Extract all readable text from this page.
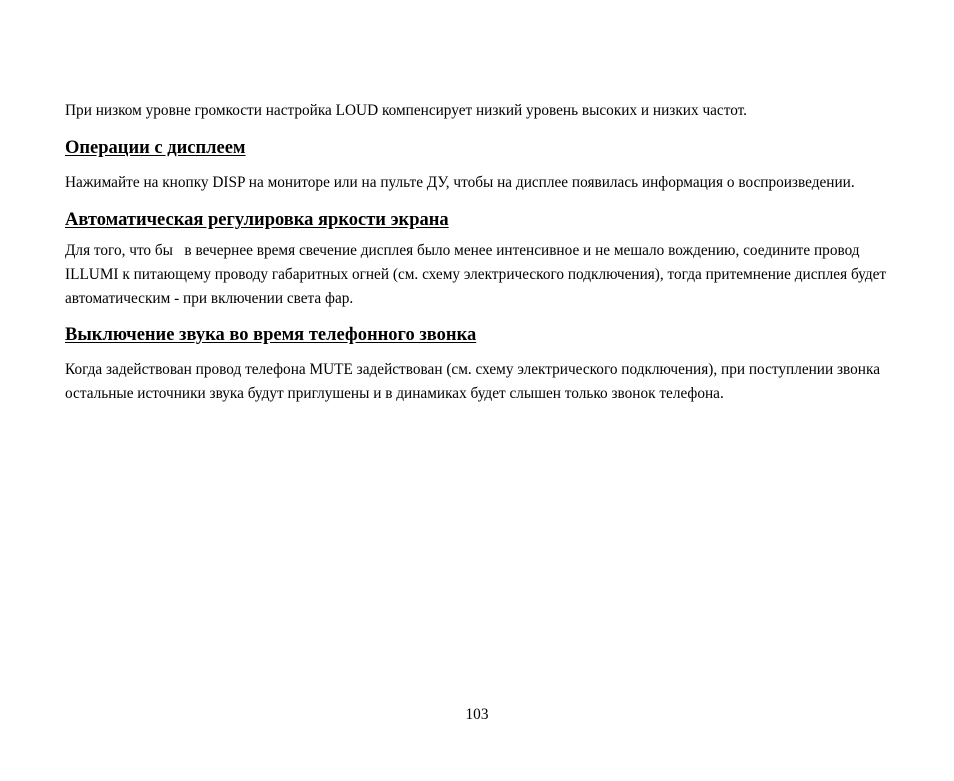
При низком уровне громкости настройка LOUD компенсирует низкий уровень высоких и низких частот.

Операции с дисплеем

Нажимайте на кнопку DISP на мониторе или на пульте ДУ, чтобы на дисплее появилась информация о воспроизведении.

Автоматическая регулировка яркости экрана

Для того, что бы   в вечернее время свечение дисплея было менее интенсивное и не мешало вождению, соедините провод ILLUMI к питающему проводу габаритных огней (см. схему электрического подключения), тогда притемнение дисплея будет автоматическим - при включении света фар.

Выключение звука во время телефонного звонка

Когда задействован провод телефона MUTE задействован (см. схему электрического подключения), при поступлении звонка остальные источники звука будут приглушены и в динамиках будет слышен только звонок телефона.

103
